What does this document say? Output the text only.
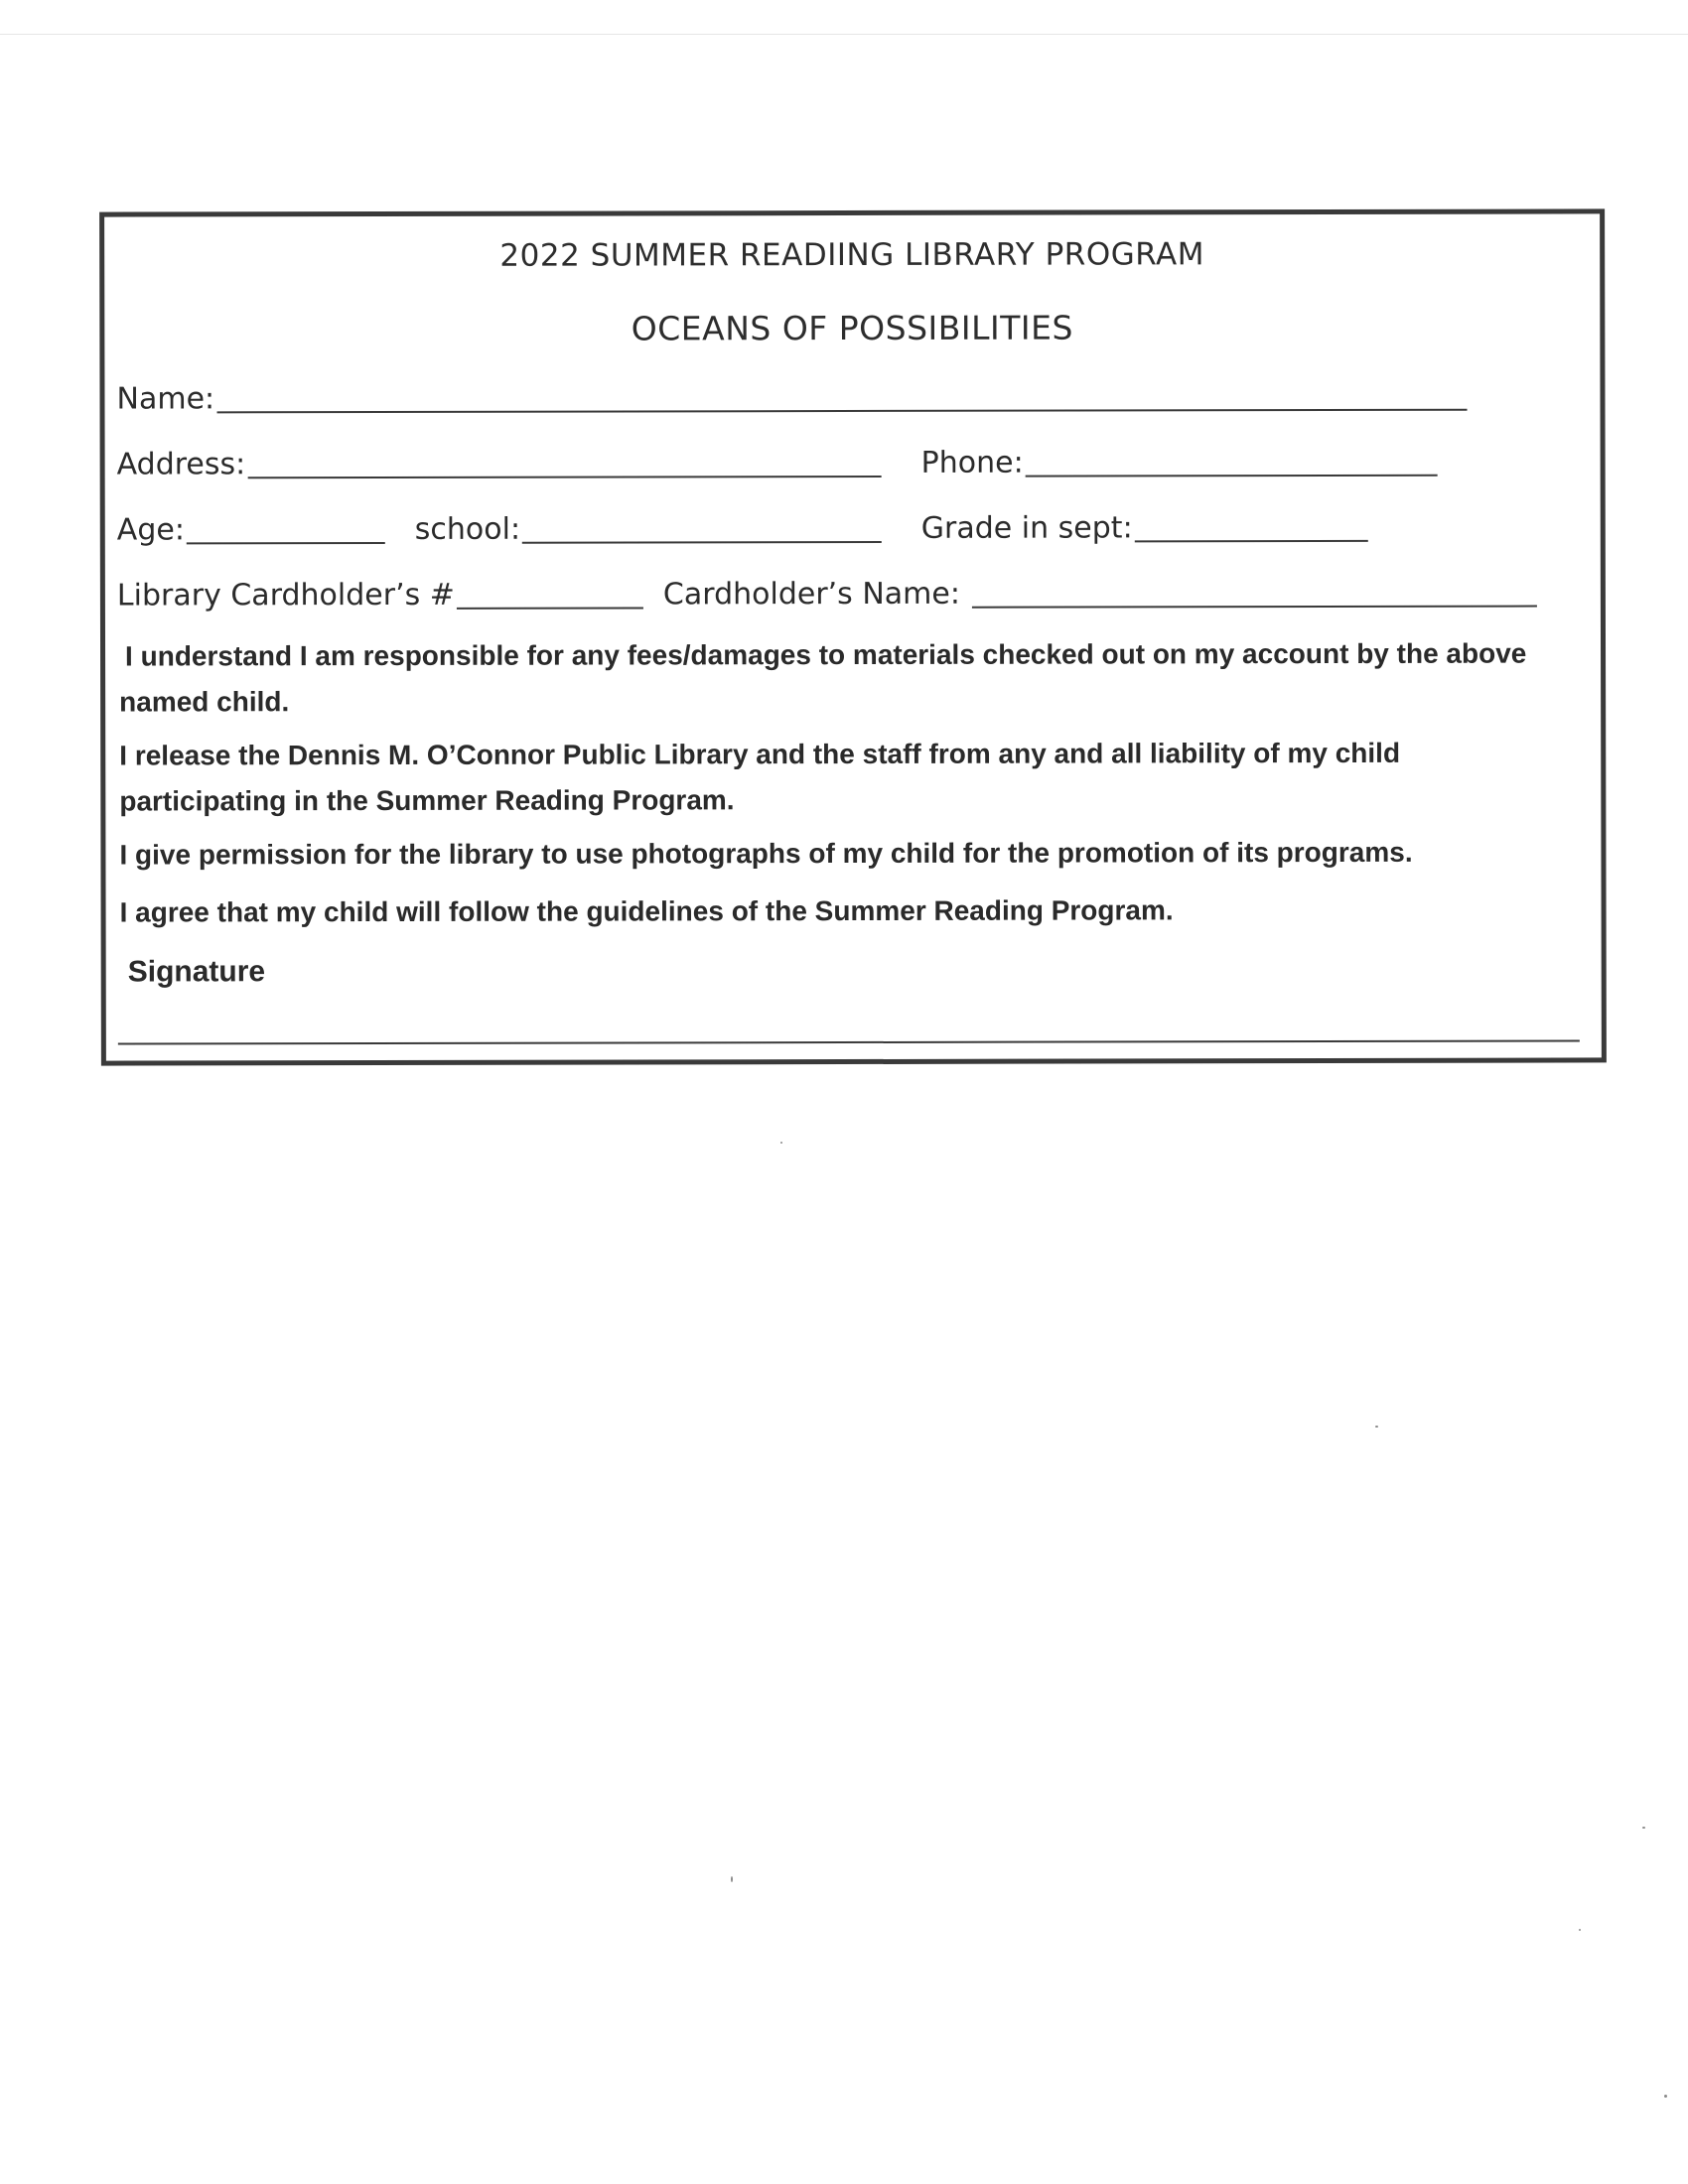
2022 SUMMER READIING LIBRARY PROGRAM
OCEANS OF POSSIBILITIES
Name:
Address:	Phone:
Age:	school:	Grade in sept:
Library Cardholder’s #	Cardholder’s Name:
I understand I am responsible for any fees/damages to materials checked out on my account by the above named child.
I release the Dennis M. O’Connor Public Library and the staff from any and all liability of my child participating in the Summer Reading Program.
I give permission for the library to use photographs of my child for the promotion of its programs.
I agree that my child will follow the guidelines of the Summer Reading Program.
Signature
